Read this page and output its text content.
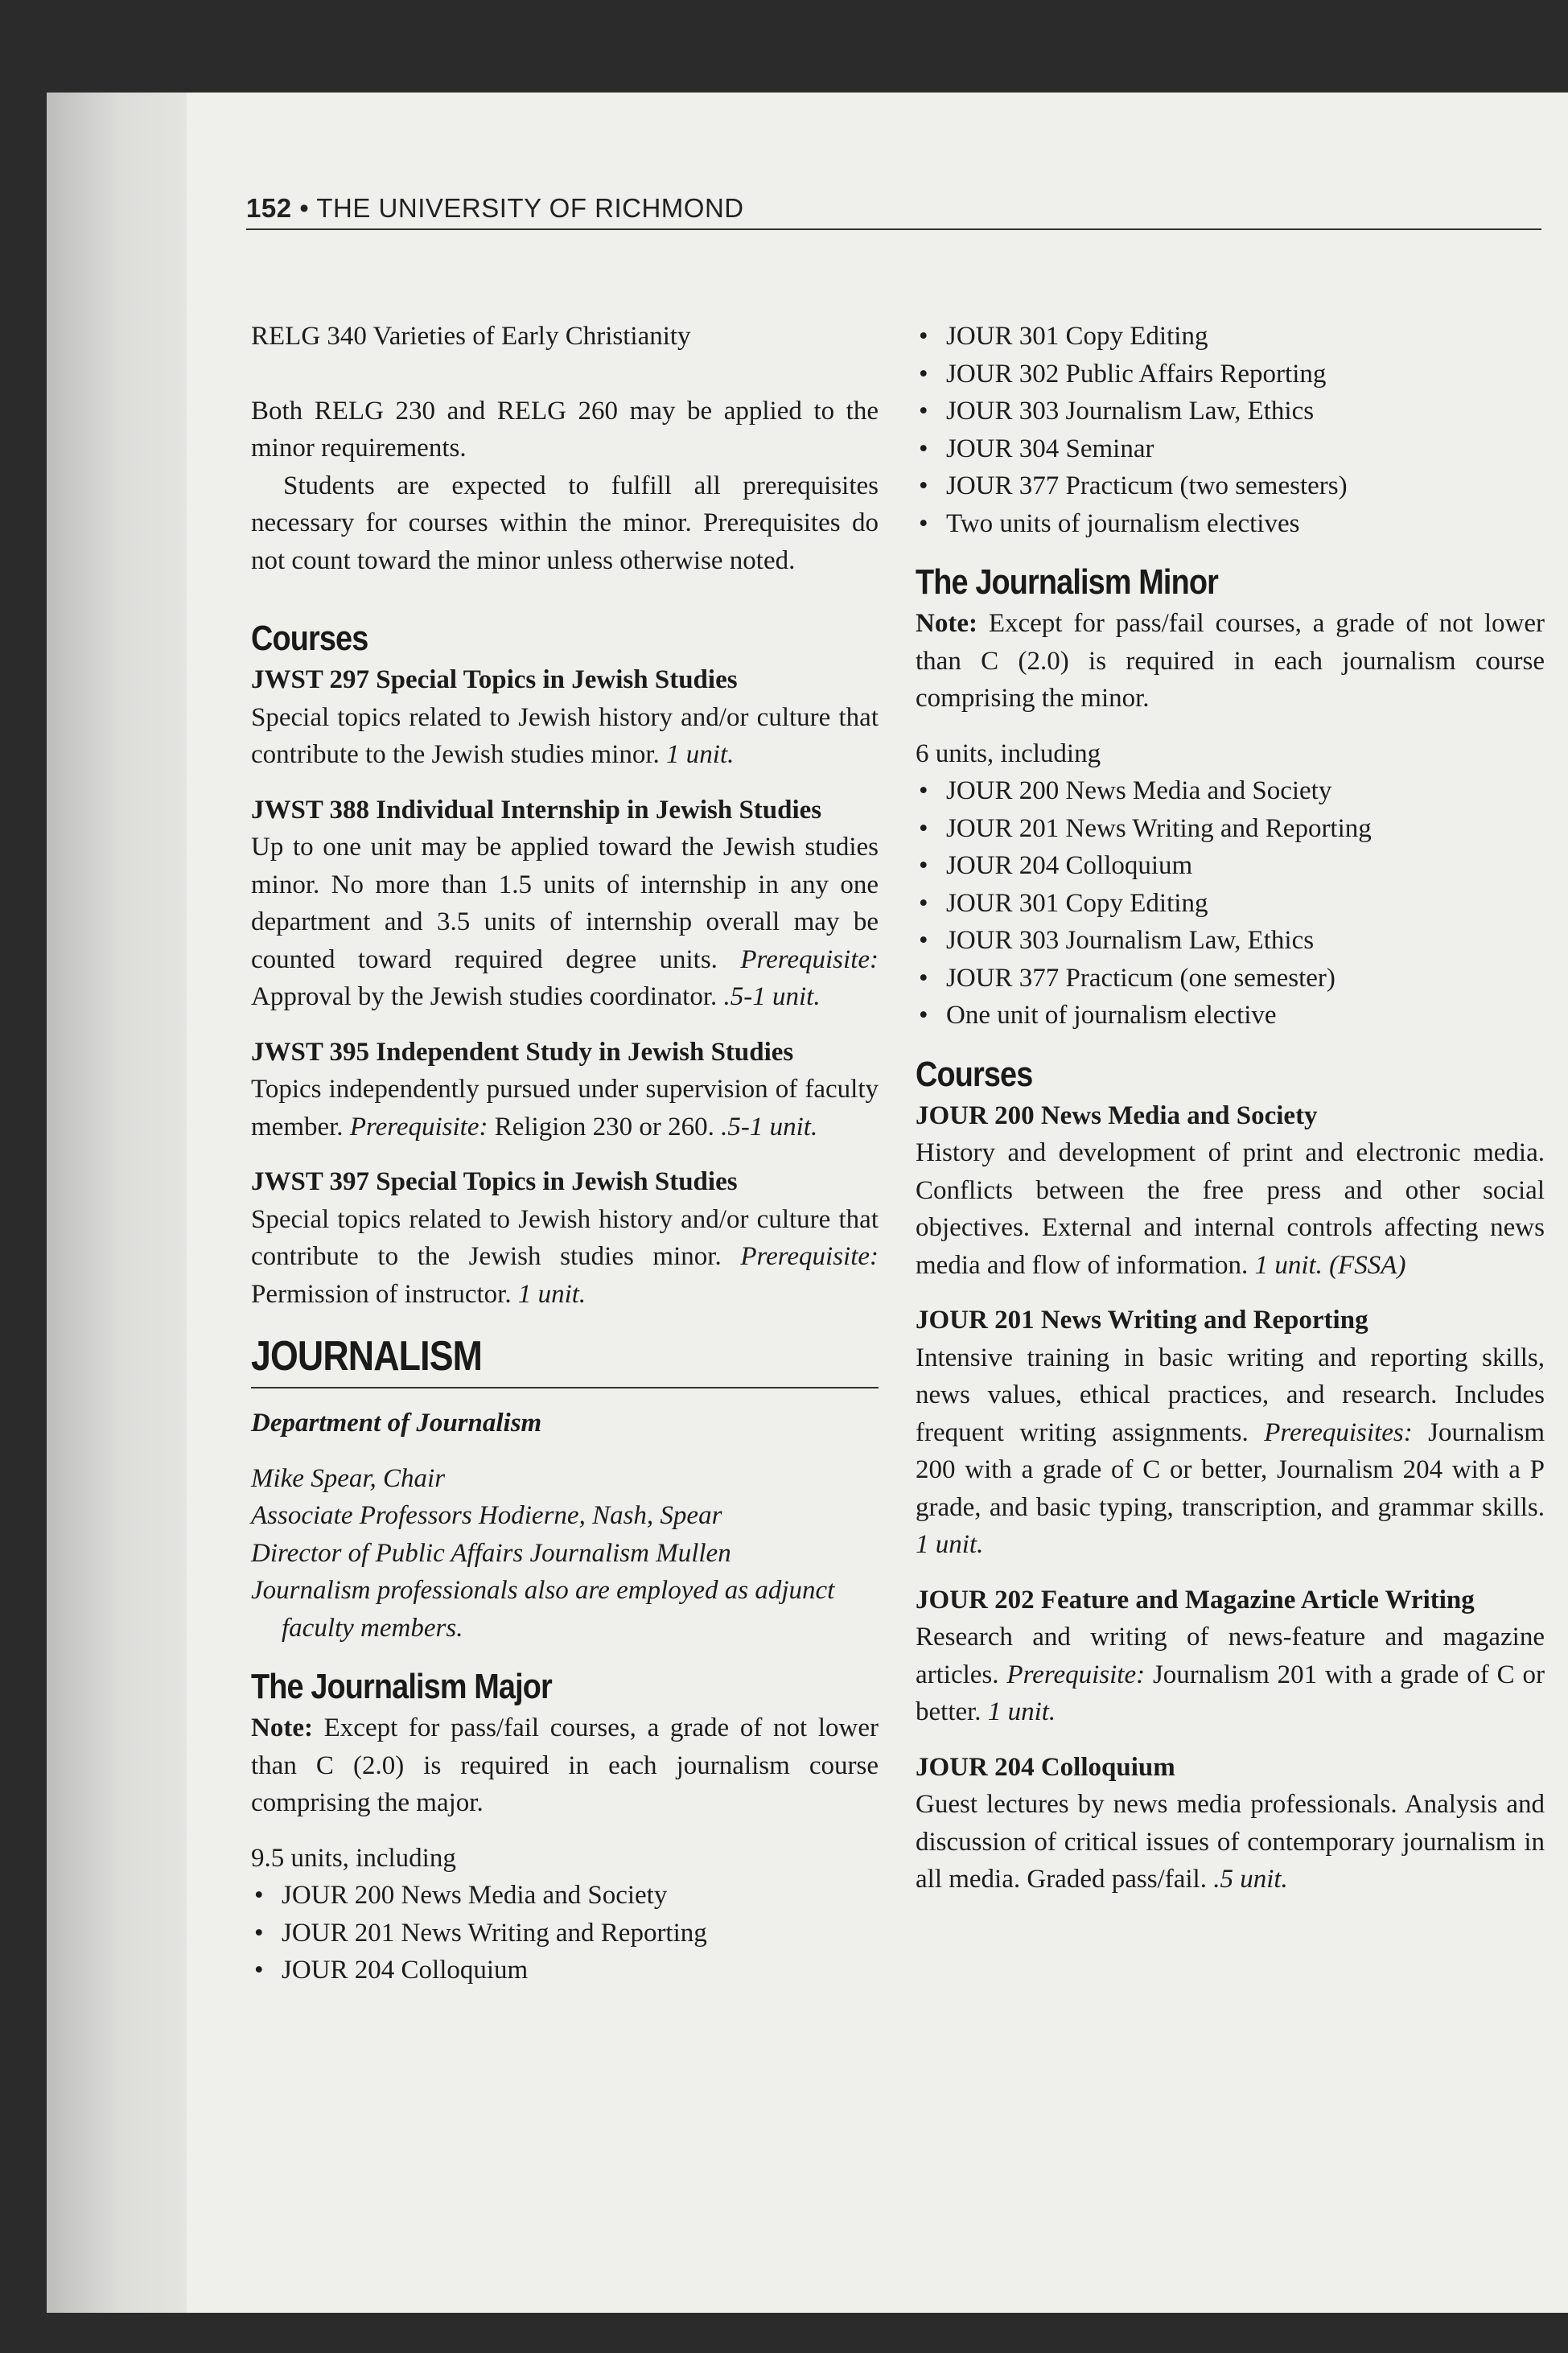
152 • THE UNIVERSITY OF RICHMOND

RELG 340 Varieties of Early Christianity

Both RELG 230 and RELG 260 may be applied to the minor requirements.

Students are expected to fulfill all prerequisites necessary for courses within the minor. Prerequisites do not count toward the minor unless otherwise noted.

Courses

JWST 297 Special Topics in Jewish Studies

Special topics related to Jewish history and/or culture that contribute to the Jewish studies minor. 1 unit.

JWST 388 Individual Internship in Jewish Studies

Up to one unit may be applied toward the Jewish studies minor. No more than 1.5 units of internship in any one department and 3.5 units of internship overall may be counted toward required degree units. Prerequisite: Approval by the Jewish studies coordinator. .5-1 unit.

JWST 395 Independent Study in Jewish Studies

Topics independently pursued under supervision of faculty member. Prerequisite: Religion 230 or 260. .5-1 unit.

JWST 397 Special Topics in Jewish Studies

Special topics related to Jewish history and/or culture that contribute to the Jewish studies minor. Prerequisite: Permission of instructor. 1 unit.

JOURNALISM

Department of Journalism

Mike Spear, Chair

Associate Professors Hodierne, Nash, Spear

Director of Public Affairs Journalism Mullen

Journalism professionals also are employed as adjunct

faculty members.

The Journalism Major

Note: Except for pass/fail courses, a grade of not lower than C (2.0) is required in each journalism course comprising the major.

9.5 units, including

• JOUR 200 News Media and Society
• JOUR 201 News Writing and Reporting
• JOUR 204 Colloquium
• JOUR 301 Copy Editing
• JOUR 302 Public Affairs Reporting
• JOUR 303 Journalism Law, Ethics
• JOUR 304 Seminar
• JOUR 377 Practicum (two semesters)
• Two units of journalism electives
The Journalism Minor

Note: Except for pass/fail courses, a grade of not lower than C (2.0) is required in each journalism course comprising the minor.

6 units, including

• JOUR 200 News Media and Society
• JOUR 201 News Writing and Reporting
• JOUR 204 Colloquium
• JOUR 301 Copy Editing
• JOUR 303 Journalism Law, Ethics
• JOUR 377 Practicum (one semester)
• One unit of journalism elective
Courses

JOUR 200 News Media and Society

History and development of print and electronic media. Conflicts between the free press and other social objectives. External and internal controls affecting news media and flow of information. 1 unit. (FSSA)

JOUR 201 News Writing and Reporting

Intensive training in basic writing and reporting skills, news values, ethical practices, and research. Includes frequent writing assignments. Prerequisites: Journalism 200 with a grade of C or better, Journalism 204 with a P grade, and basic typing, transcription, and grammar skills. 1 unit.

JOUR 202 Feature and Magazine Article Writing

Research and writing of news-feature and magazine articles. Prerequisite: Journalism 201 with a grade of C or better. 1 unit.

JOUR 204 Colloquium

Guest lectures by news media professionals. Analysis and discussion of critical issues of contemporary journalism in all media. Graded pass/fail. .5 unit.
